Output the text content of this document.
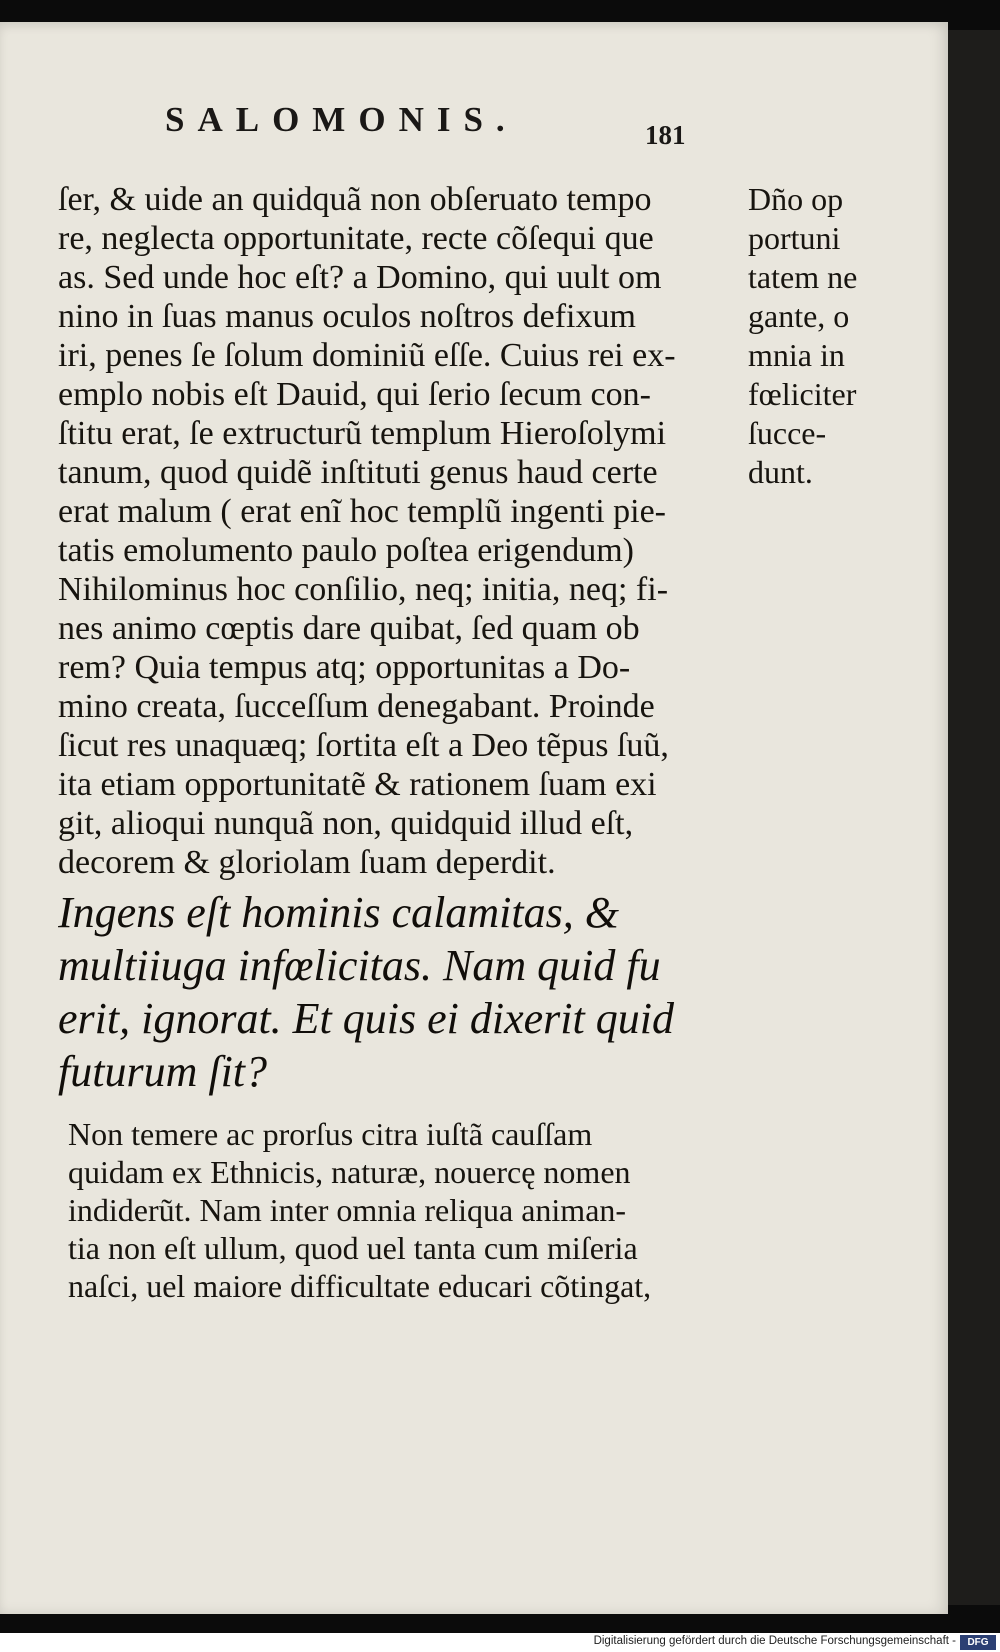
SALOMONIS.	181
ſer, & uide an quidquã non obſeruato tempo
re, neglecta opportunitate, recte cõſequi que
as. Sed unde hoc eſt? a Domino, qui uult om
nino in ſuas manus oculos noſtros defixum
iri, penes ſe ſolum dominiũ eſſe. Cuius rei ex-
emplo nobis eſt Dauid, qui ſerio ſecum con-
ſtitu erat, ſe extructurũ templum Hieroſolymi
tanum, quod quidẽ inſtituti genus haud certe
erat malum ( erat enĩ hoc templũ ingenti pie-
tatis emolumento paulo poſtea erigendum)
Nihilominus hoc conſilio, neq; initia, neq; fi-
nes animo cœptis dare quibat, ſed quam ob
rem? Quia tempus atq; opportunitas a Do-
mino creata, ſucceſſum denegabant. Proinde
ſicut res unaquæq; ſortita eſt a Deo tẽpus ſuũ,
ita etiam opportunitatẽ & rationem ſuam exi
git, alioqui nunquã non, quidquid illud eſt,
decorem & gloriolam ſuam deperdit.
Dño op
portuni
tatem ne
gante, o
mnia in
fœliciter
ſucce-
dunt.
Ingens eſt hominis calamitas, &
multiiuga infœlicitas. Nam quid fu
erit, ignorat. Et quis ei dixerit quid
futurum ſit?
Non temere ac prorſus citra iuſtã cauſſam
quidam ex Ethnicis, naturæ, nouercę nomen
indiderũt. Nam inter omnia reliqua animan-
tia non eſt ullum, quod uel tanta cum miſeria
naſci, uel maiore difficultate educari cõtingat,
Digitalisierung gefördert durch die Deutsche Forschungsgemeinschaft -	DFG
